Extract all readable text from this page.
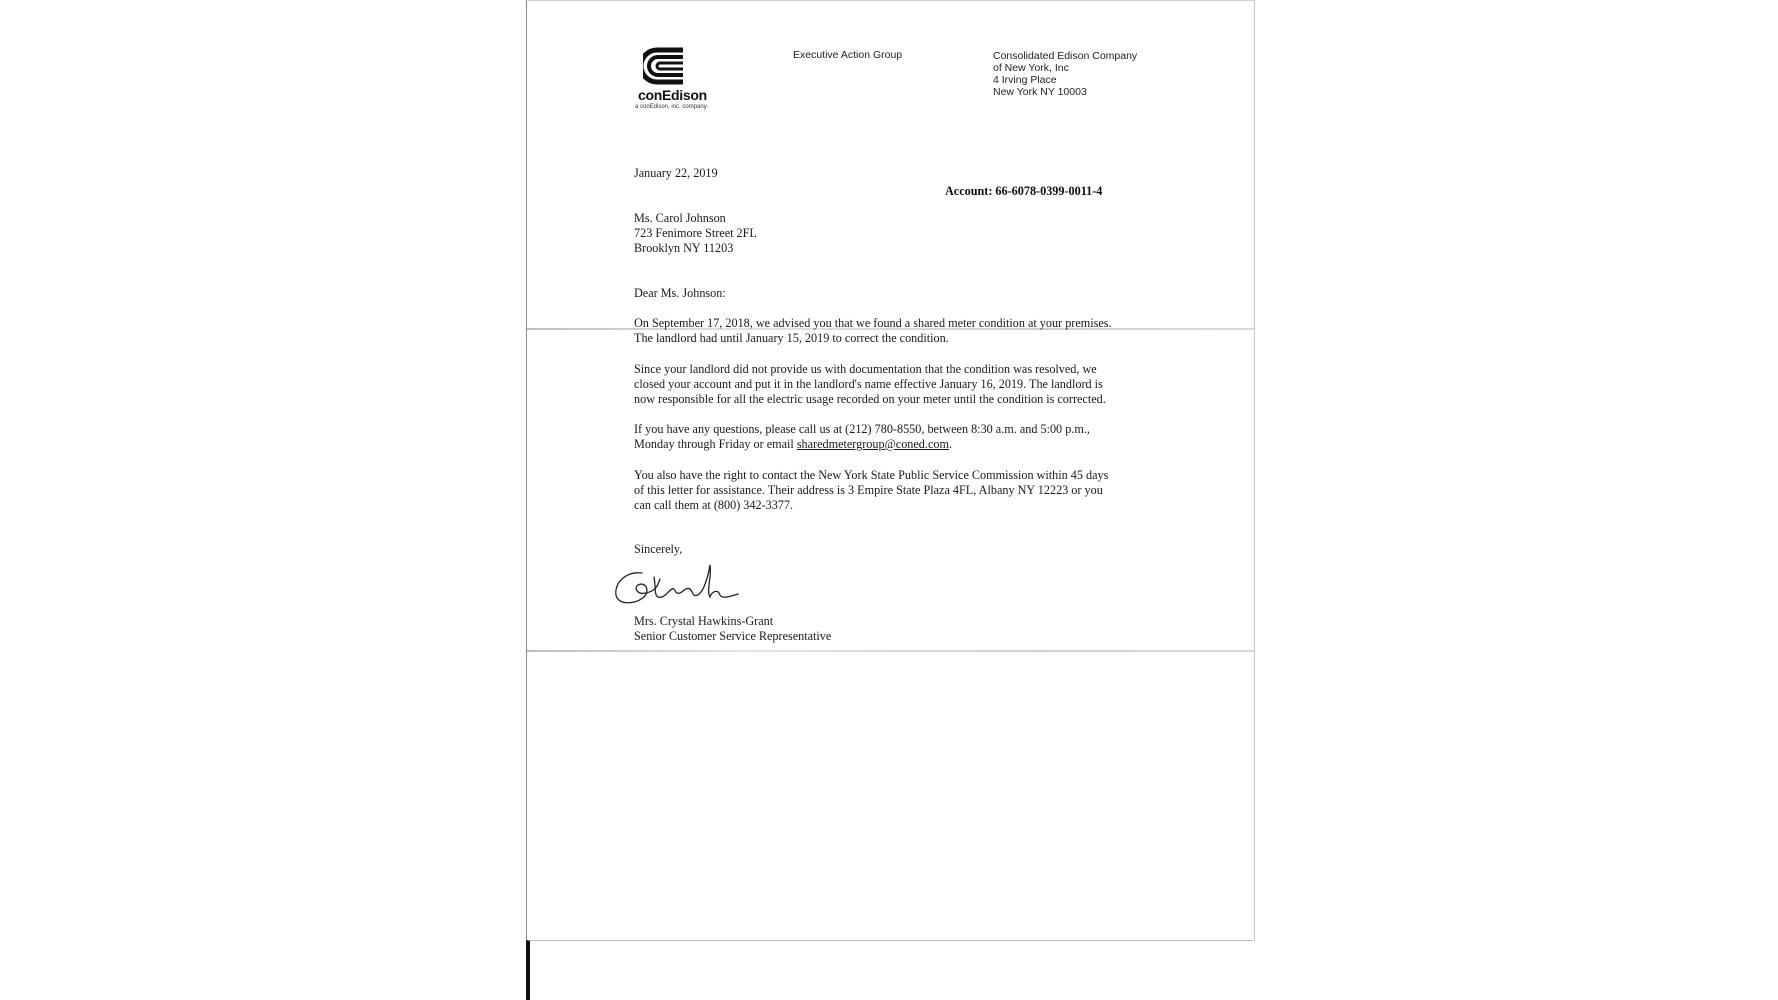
conEdison
a conEdison, inc. company
Executive Action Group	Consolidated Edison Company
of New York, Inc
4 Irving Place
New York NY 10003
January 22, 2019
Account: 66-6078-0399-0011-4
Ms. Carol Johnson
723 Fenimore Street 2FL
Brooklyn NY 11203
Dear Ms. Johnson:
On September 17, 2018, we advised you that we found a shared meter condition at your premises.
The landlord had until January 15, 2019 to correct the condition.
Since your landlord did not provide us with documentation that the condition was resolved, we
closed your account and put it in the landlord's name effective January 16, 2019. The landlord is
now responsible for all the electric usage recorded on your meter until the condition is corrected.
If you have any questions, please call us at (212) 780-8550, between 8:30 a.m. and 5:00 p.m.,
Monday through Friday or email sharedmetergroup@coned.com.
You also have the right to contact the New York State Public Service Commission within 45 days
of this letter for assistance. Their address is 3 Empire State Plaza 4FL, Albany NY 12223 or you
can call them at (800) 342-3377.
Sincerely,
Mrs. Crystal Hawkins-Grant
Senior Customer Service Representative
